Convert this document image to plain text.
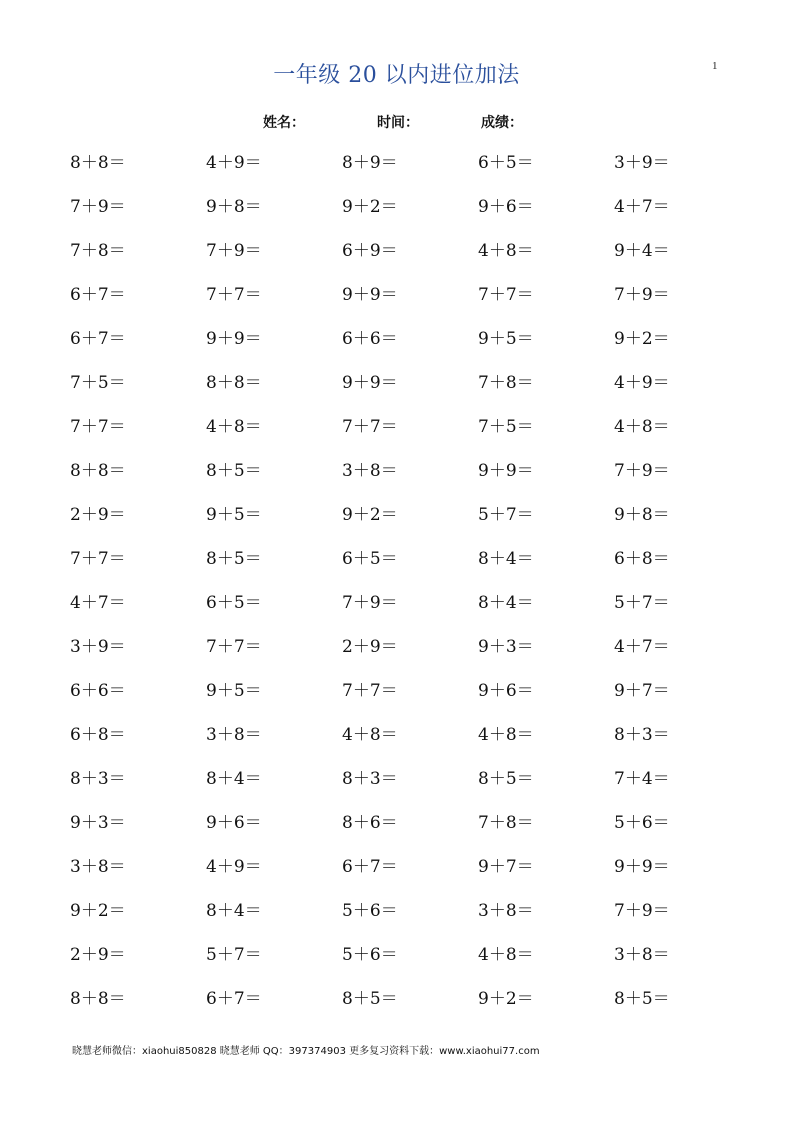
1
一年级 20 以内进位加法
姓名：	时间：	成绩：
8＋8＝	4＋9＝	8＋9＝	6＋5＝	3＋9＝
7＋9＝	9＋8＝	9＋2＝	9＋6＝	4＋7＝
7＋8＝	7＋9＝	6＋9＝	4＋8＝	9＋4＝
6＋7＝	7＋7＝	9＋9＝	7＋7＝	7＋9＝
6＋7＝	9＋9＝	6＋6＝	9＋5＝	9＋2＝
7＋5＝	8＋8＝	9＋9＝	7＋8＝	4＋9＝
7＋7＝	4＋8＝	7＋7＝	7＋5＝	4＋8＝
8＋8＝	8＋5＝	3＋8＝	9＋9＝	7＋9＝
2＋9＝	9＋5＝	9＋2＝	5＋7＝	9＋8＝
7＋7＝	8＋5＝	6＋5＝	8＋4＝	6＋8＝
4＋7＝	6＋5＝	7＋9＝	8＋4＝	5＋7＝
3＋9＝	7＋7＝	2＋9＝	9＋3＝	4＋7＝
6＋6＝	9＋5＝	7＋7＝	9＋6＝	9＋7＝
6＋8＝	3＋8＝	4＋8＝	4＋8＝	8＋3＝
8＋3＝	8＋4＝	8＋3＝	8＋5＝	7＋4＝
9＋3＝	9＋6＝	8＋6＝	7＋8＝	5＋6＝
3＋8＝	4＋9＝	6＋7＝	9＋7＝	9＋9＝
9＋2＝	8＋4＝	5＋6＝	3＋8＝	7＋9＝
2＋9＝	5＋7＝	5＋6＝	4＋8＝	3＋8＝
8＋8＝	6＋7＝	8＋5＝	9＋2＝	8＋5＝
晓慧老师微信：xiaohui850828 晓慧老师 QQ：397374903 更多复习资料下载：www.xiaohui77.com
